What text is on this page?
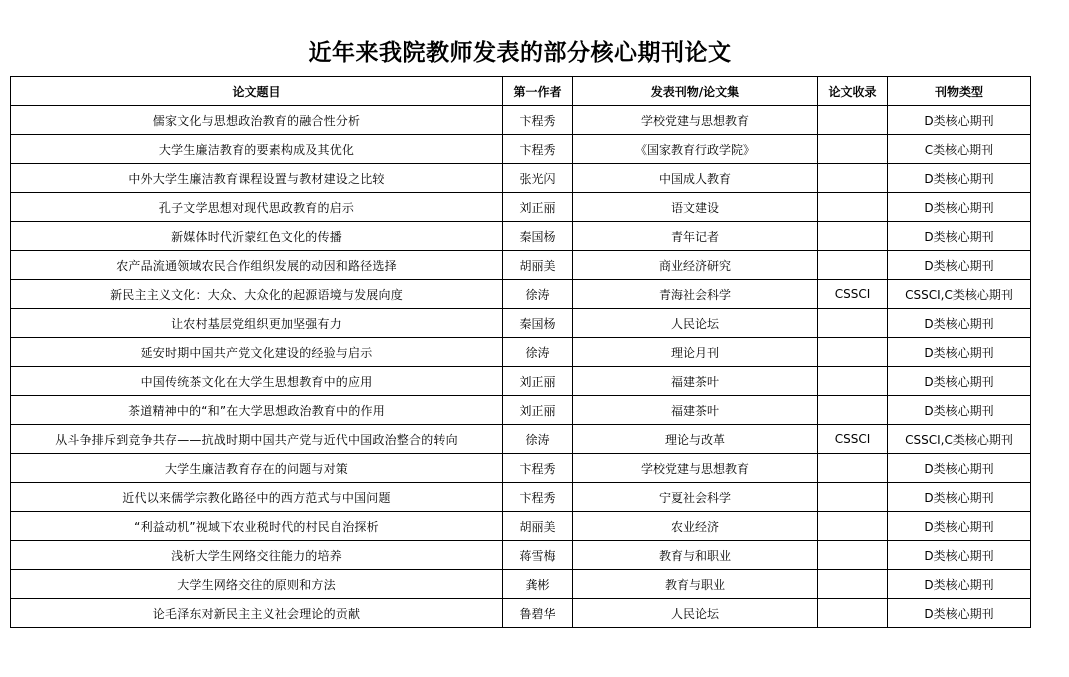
近年来我院教师发表的部分核心期刊论文
论文题目	第一作者	发表刊物/论文集	论文收录	刊物类型
儒家文化与思想政治教育的融合性分析	卞程秀	学校党建与思想教育		D类核心期刊
大学生廉洁教育的要素构成及其优化	卞程秀	《国家教育行政学院》		C类核心期刊
中外大学生廉洁教育课程设置与教材建设之比较	张光闪	中国成人教育		D类核心期刊
孔子文学思想对现代思政教育的启示	刘正丽	语文建设		D类核心期刊
新媒体时代沂蒙红色文化的传播	秦国杨	青年记者		D类核心期刊
农产品流通领域农民合作组织发展的动因和路径选择	胡丽美	商业经济研究		D类核心期刊
新民主主义文化：大众、大众化的起源语境与发展向度	徐涛	青海社会科学	CSSCI	CSSCI,C类核心期刊
让农村基层党组织更加坚强有力	秦国杨	人民论坛		D类核心期刊
延安时期中国共产党文化建设的经验与启示	徐涛	理论月刊		D类核心期刊
中国传统茶文化在大学生思想教育中的应用	刘正丽	福建茶叶		D类核心期刊
茶道精神中的“和”在大学思想政治教育中的作用	刘正丽	福建茶叶		D类核心期刊
从斗争排斥到竞争共存——抗战时期中国共产党与近代中国政治整合的转向	徐涛	理论与改革	CSSCI	CSSCI,C类核心期刊
大学生廉洁教育存在的问题与对策	卞程秀	学校党建与思想教育		D类核心期刊
近代以来儒学宗教化路径中的西方范式与中国问题	卞程秀	宁夏社会科学		D类核心期刊
“利益动机”视域下农业税时代的村民自治探析	胡丽美	农业经济		D类核心期刊
浅析大学生网络交往能力的培养	蒋雪梅	教育与和职业		D类核心期刊
大学生网络交往的原则和方法	龚彬	教育与职业		D类核心期刊
论毛泽东对新民主主义社会理论的贡献	鲁碧华	人民论坛		D类核心期刊
